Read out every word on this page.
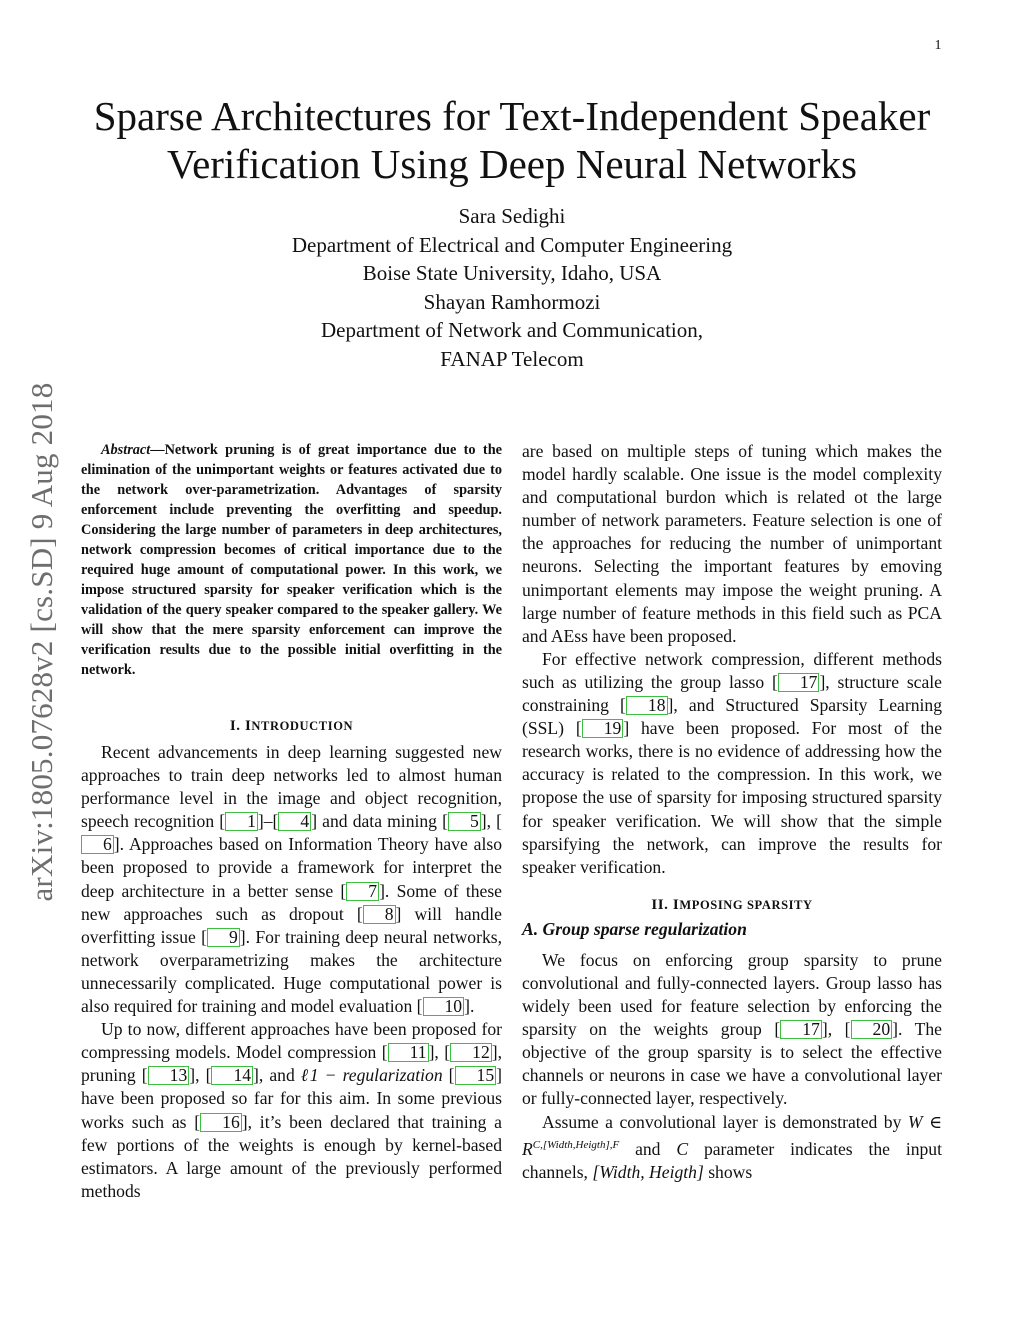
1
arXiv:1805.07628v2 [cs.SD] 9 Aug 2018
Sparse Architectures for Text-Independent Speaker
Verification Using Deep Neural Networks
Sara Sedighi
Department of Electrical and Computer Engineering
Boise State University, Idaho, USA
Shayan Ramhormozi
Department of Network and Communication,
FANAP Telecom

Abstract—Network pruning is of great importance due to the elimination of the unimportant weights or features activated due to the network over-parametrization. Advantages of sparsity enforcement include preventing the overfitting and speedup. Considering the large number of parameters in deep architectures, network compression becomes of critical importance due to the required huge amount of computational power. In this work, we impose structured sparsity for speaker verification which is the validation of the query speaker compared to the speaker gallery. We will show that the mere sparsity enforcement can improve the verification results due to the possible initial overfitting in the network.

I. INTRODUCTION

Recent advancements in deep learning suggested new approaches to train deep networks led to almost human performance level in the image and object recognition, speech recognition [ 1 ]–[ 4 ] and data mining [ 5 ], [6 ]. Approaches based on Information Theory have also been proposed to provide a framework for interpret the deep architecture in a better sense [ 7 ]. Some of these new approaches such as dropout [ 8 ] will handle overfitting issue [ 9 ]. For training deep neural networks, network overparametrizing makes the architecture unnecessarily complicated. Huge computational power is also required for training and model evaluation [ 10 ].

Up to now, different approaches have been proposed for compressing models. Model compression [ 11 ], [ 12 ], pruning [ 13 ], [ 14 ], and ℓ1 − regularization [ 15 ] have been proposed so far for this aim. In some previous works such as [ 16 ], it’s been declared that training a few portions of the weights is enough by kernel-based estimators. A large amount of the previously performed methods

are based on multiple steps of tuning which makes the model hardly scalable. One issue is the model complexity and computational burdon which is related ot the large number of network parameters. Feature selection is one of the approaches for reducing the number of unimportant neurons. Selecting the important features by emoving unimportant elements may impose the weight pruning. A large number of feature methods in this field such as PCA and AEss have been proposed.

For effective network compression, different methods such as utilizing the group lasso [ 17 ], structure scale constraining [ 18 ], and Structured Sparsity Learning (SSL) [ 19 ] have been proposed. For most of the research works, there is no evidence of addressing how the accuracy is related to the compression. In this work, we propose the use of sparsity for imposing structured sparsity for speaker verification. We will show that the simple sparsifying the network, can improve the results for speaker verification.

II. IMPOSING SPARSITY
A. Group sparse regularization

We focus on enforcing group sparsity to prune convolutional and fully-connected layers. Group lasso has widely been used for feature selection by enforcing the sparsity on the weights group [ 17 ], [ 20 ]. The objective of the group sparsity is to select the effective channels or neurons in case we have a convolutional layer or fully-connected layer, respectively.

Assume a convolutional layer is demonstrated by W ∈ $R^{C,[Width,Heigth],F}$ and C parameter indicates the input channels, [Width, Heigth] shows
